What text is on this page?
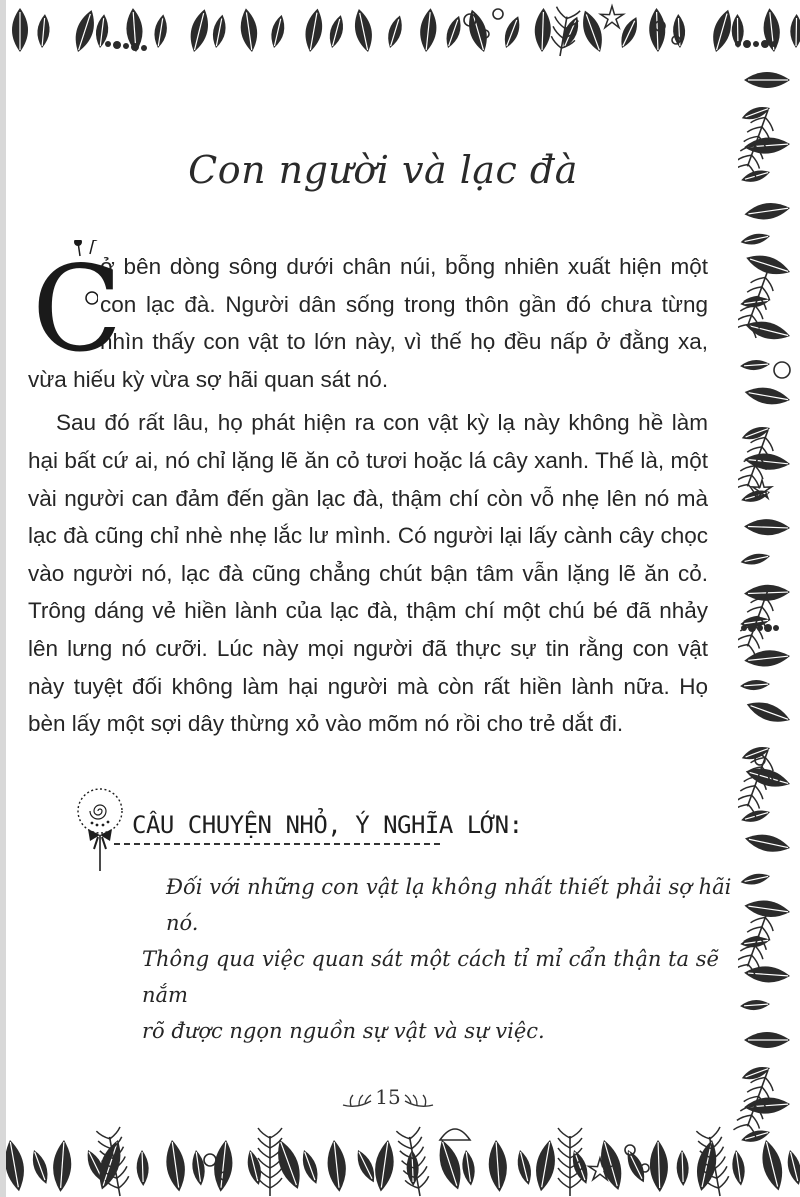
Con người và lạc đà

C
ở bên dòng sông dưới chân núi, bỗng nhiên xuất hiện một
con lạc đà. Người dân sống trong thôn gần đó chưa từng
nhìn thấy con vật to lớn này, vì thế họ đều nấp ở đằng xa,
vừa hiếu kỳ vừa sợ hãi quan sát nó.

Sau đó rất lâu, họ phát hiện ra con vật kỳ lạ này không hề làm hại bất cứ ai, nó chỉ lặng lẽ ăn cỏ tươi hoặc lá cây xanh. Thế là, một vài người can đảm đến gần lạc đà, thậm chí còn vỗ nhẹ lên nó mà lạc đà cũng chỉ nhè nhẹ lắc lư mình. Có người lại lấy cành cây chọc vào người nó, lạc đà cũng chẳng chút bận tâm vẫn lặng lẽ ăn cỏ. Trông dáng vẻ hiền lành của lạc đà, thậm chí một chú bé đã nhảy lên lưng nó cưỡi. Lúc này mọi người đã thực sự tin rằng con vật này tuyệt đối không làm hại người mà còn rất hiền lành nữa. Họ bèn lấy một sợi dây thừng xỏ vào mõm nó rồi cho trẻ dắt đi.

CÂU CHUYỆN NHỎ, Ý NGHĨA LỚN:
Đối với những con vật lạ không nhất thiết phải sợ hãi nó.
Thông qua việc quan sát một cách tỉ mỉ cẩn thận ta sẽ nắm
rõ được ngọn nguồn sự vật và sự việc.
15
